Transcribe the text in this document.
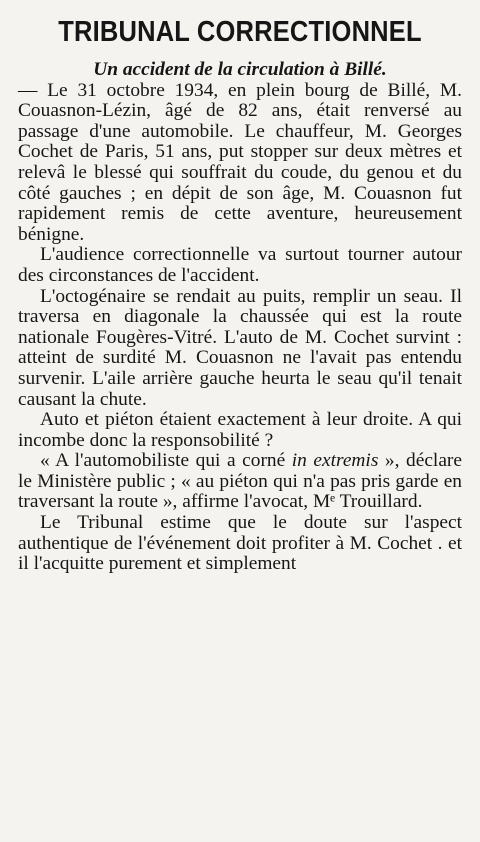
TRIBUNAL CORRECTIONNEL

Un accident de la circulation à Billé.
— Le 31 octobre 1934, en plein bourg de Billé, M. Couasnon-Lézin, âgé de 82 ans, était renversé au passage d'une automobile. Le chauffeur, M. Georges Cochet de Paris, 51 ans, put stopper sur deux mètres et relevâ le blessé qui souffrait du coude, du genou et du côté gauches ; en dépit de son âge, M. Couasnon fut rapidement remis de cette aventure, heureusement bénigne.

L'audience correctionnelle va surtout tourner autour des circonstances de l'accident.

L'octogénaire se rendait au puits, remplir un seau. Il traversa en diagonale la chaussée qui est la route nationale Fougères-Vitré. L'auto de M. Cochet survint : atteint de surdité M. Couasnon ne l'avait pas entendu survenir. L'aile arrière gauche heurta le seau qu'il tenait causant la chute.

Auto et piéton étaient exactement à leur droite. A qui incombe donc la responsobilité ?

« A l'automobiliste qui a corné in extremis », déclare le Ministère public ; « au piéton qui n'a pas pris garde en traversant la route », affirme l'avocat, Mᵉ Trouillard.

Le Tribunal estime que le doute sur l'aspect authentique de l'événement doit profiter à M. Cochet . et il l'acquitte purement et simplement
